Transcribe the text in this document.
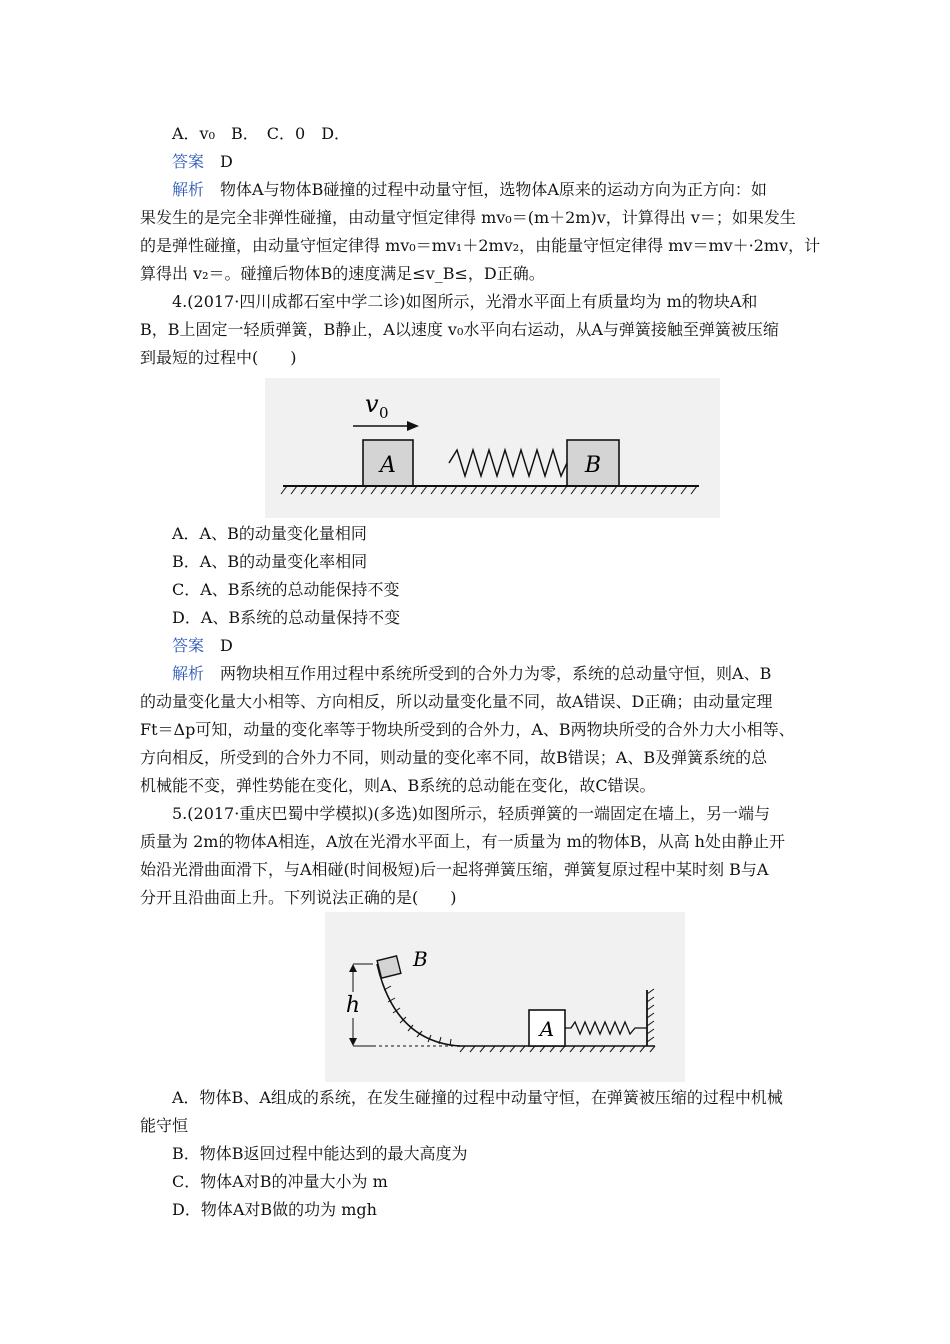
A．v₀　B．　C．0　D．
答案　 D
解析　 物体A与物体B碰撞的过程中动量守恒，选物体A原来的运动方向为正方向：如
果发生的是完全非弹性碰撞，由动量守恒定律得 mv₀＝(m＋2m)v，计算得出 v＝；如果发生
的是弹性碰撞，由动量守恒定律得 mv₀＝mv₁＋2mv₂，由能量守恒定律得 mv＝mv＋·2mv，计
算得出 v₂＝。碰撞后物体B的速度满足≤v_B≤，D正确。
4.(2017·四川成都石室中学二诊)如图所示，光滑水平面上有质量均为 m的物块A和
B，B上固定一轻质弹簧，B静止，A以速度 v₀水平向右运动，从A与弹簧接触至弹簧被压缩
到最短的过程中(　　)
v 0
A	B
A．A、B的动量变化量相同
B．A、B的动量变化率相同
C．A、B系统的总动能保持不变
D．A、B系统的总动量保持不变
答案　 D
解析　 两物块相互作用过程中系统所受到的合外力为零，系统的总动量守恒，则A、B
的动量变化量大小相等、方向相反，所以动量变化量不同，故A错误、D正确；由动量定理
Ft＝Δp可知，动量的变化率等于物块所受到的合外力，A、B两物块所受的合外力大小相等、
方向相反，所受到的合外力不同，则动量的变化率不同，故B错误；A、B及弹簧系统的总
机械能不变，弹性势能在变化，则A、B系统的总动能在变化，故C错误。
5.(2017·重庆巴蜀中学模拟)(多选)如图所示，轻质弹簧的一端固定在墙上，另一端与
质量为 2m的物体A相连，A放在光滑水平面上，有一质量为 m的物体B，从高 h处由静止开
始沿光滑曲面滑下，与A相碰(时间极短)后一起将弹簧压缩，弹簧复原过程中某时刻 B与A
分开且沿曲面上升。下列说法正确的是(　　)
h
B
A
A．物体B、A组成的系统，在发生碰撞的过程中动量守恒，在弹簧被压缩的过程中机械
能守恒
B．物体B返回过程中能达到的最大高度为
C．物体A对B的冲量大小为 m
D．物体A对B做的功为 mgh
